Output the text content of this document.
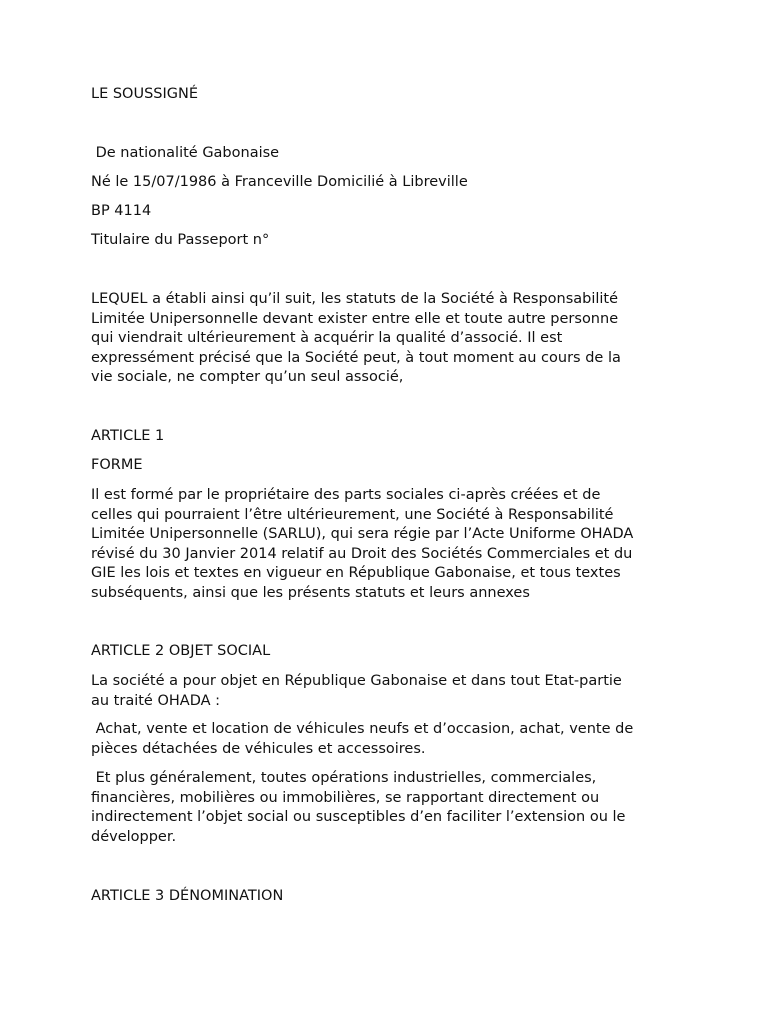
LE SOUSSIGNÉ

De nationalité Gabonaise

Né le 15/07/1986 à Franceville Domicilié à Libreville

BP 4114

Titulaire du Passeport n°

LEQUEL a établi ainsi qu’il suit, les statuts de la Société à Responsabilité

Limitée Unipersonnelle devant exister entre elle et toute autre personne

qui viendrait ultérieurement à acquérir la qualité d’associé. Il est

expressément précisé que la Société peut, à tout moment au cours de la

vie sociale, ne compter qu’un seul associé,

ARTICLE 1

FORME

Il est formé par le propriétaire des parts sociales ci-après créées et de

celles qui pourraient l’être ultérieurement, une Société à Responsabilité

Limitée Unipersonnelle (SARLU), qui sera régie par l’Acte Uniforme OHADA

révisé du 30 Janvier 2014 relatif au Droit des Sociétés Commerciales et du

GIE les lois et textes en vigueur en République Gabonaise, et tous textes

subséquents, ainsi que les présents statuts et leurs annexes

ARTICLE 2 OBJET SOCIAL

La société a pour objet en République Gabonaise et dans tout Etat-partie

au traité OHADA :

Achat, vente et location de véhicules neufs et d’occasion, achat, vente de

pièces détachées de véhicules et accessoires.

Et plus généralement, toutes opérations industrielles, commerciales,

financières, mobilières ou immobilières, se rapportant directement ou

indirectement l’objet social ou susceptibles d’en faciliter l’extension ou le

développer.

ARTICLE 3 DÉNOMINATION
